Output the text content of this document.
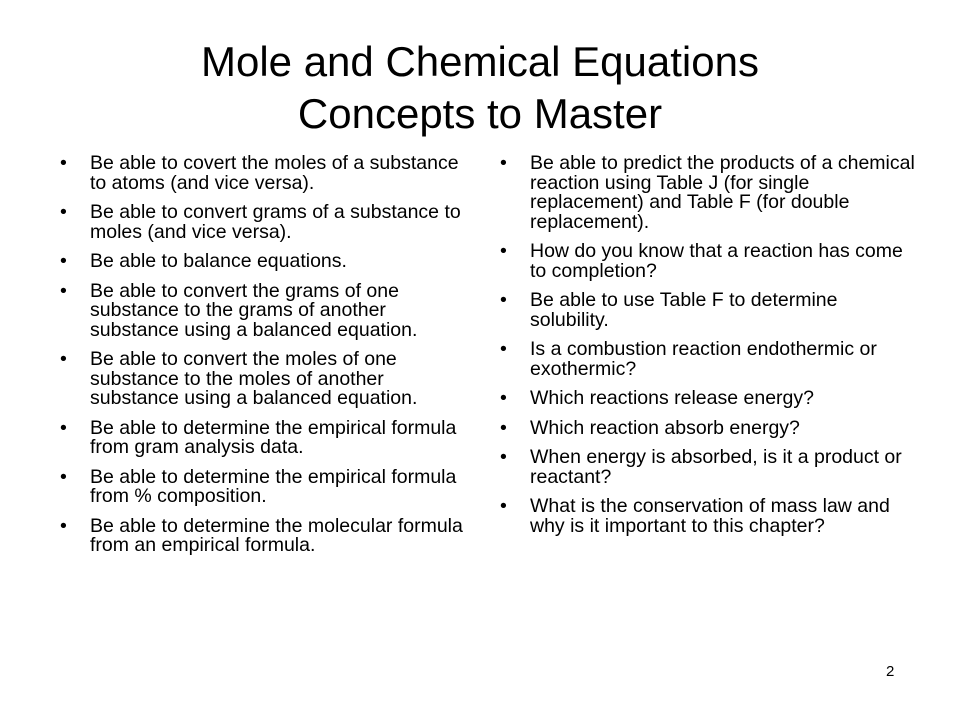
Mole and Chemical Equations
Concepts to Master
• Be able to covert the moles of a substance to atoms (and vice versa).
• Be able to convert grams of a substance to moles (and vice versa).
• Be able to balance equations.
• Be able to convert the grams of one substance to the grams of another substance using a balanced equation.
• Be able to convert the moles of one substance to the moles of another substance using a balanced equation.
• Be able to determine the empirical formula from gram analysis data.
• Be able to determine the empirical formula from % composition.
• Be able to determine the molecular formula from an empirical formula.
• Be able to predict the products of a chemical reaction using Table J (for single replacement) and Table F (for double replacement).
• How do you know that a reaction has come to completion?
• Be able to use Table F to determine solubility.
• Is a combustion reaction endothermic or exothermic?
• Which reactions release energy?
• Which reaction absorb energy?
• When energy is absorbed, is it a product or reactant?
• What is the conservation of mass law and why is it important to this chapter?
2
